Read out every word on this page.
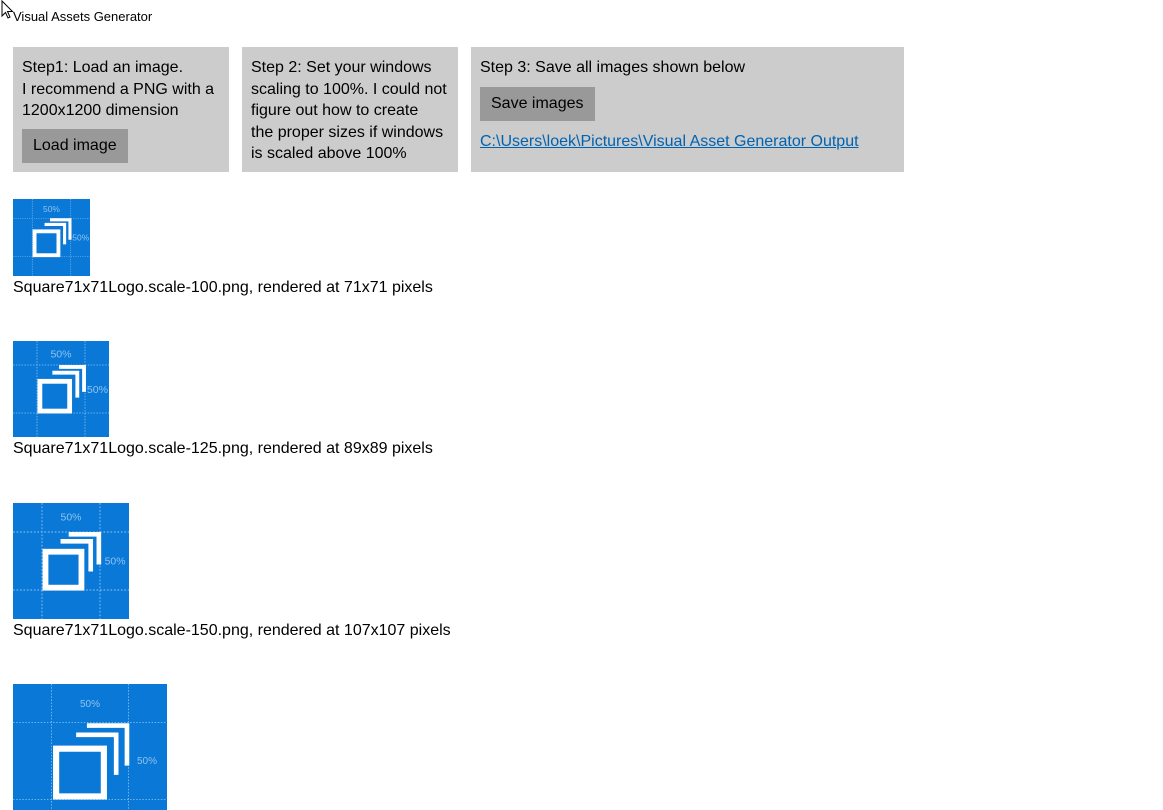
Visual Assets Generator
Step1: Load an image.
I recommend a PNG with a
1200x1200 dimension
Load image
Step 2: Set your windows
scaling to 100%. I could not
figure out how to create
the proper sizes if windows
is scaled above 100%
Step 3: Save all images shown below
Save images
C:\Users\loek\Pictures\Visual Asset Generator Output
50%
50%
Square71x71Logo.scale-100.png, rendered at 71x71 pixels
50%
50%
Square71x71Logo.scale-125.png, rendered at 89x89 pixels
50%
50%
Square71x71Logo.scale-150.png, rendered at 107x107 pixels
50%
50%
